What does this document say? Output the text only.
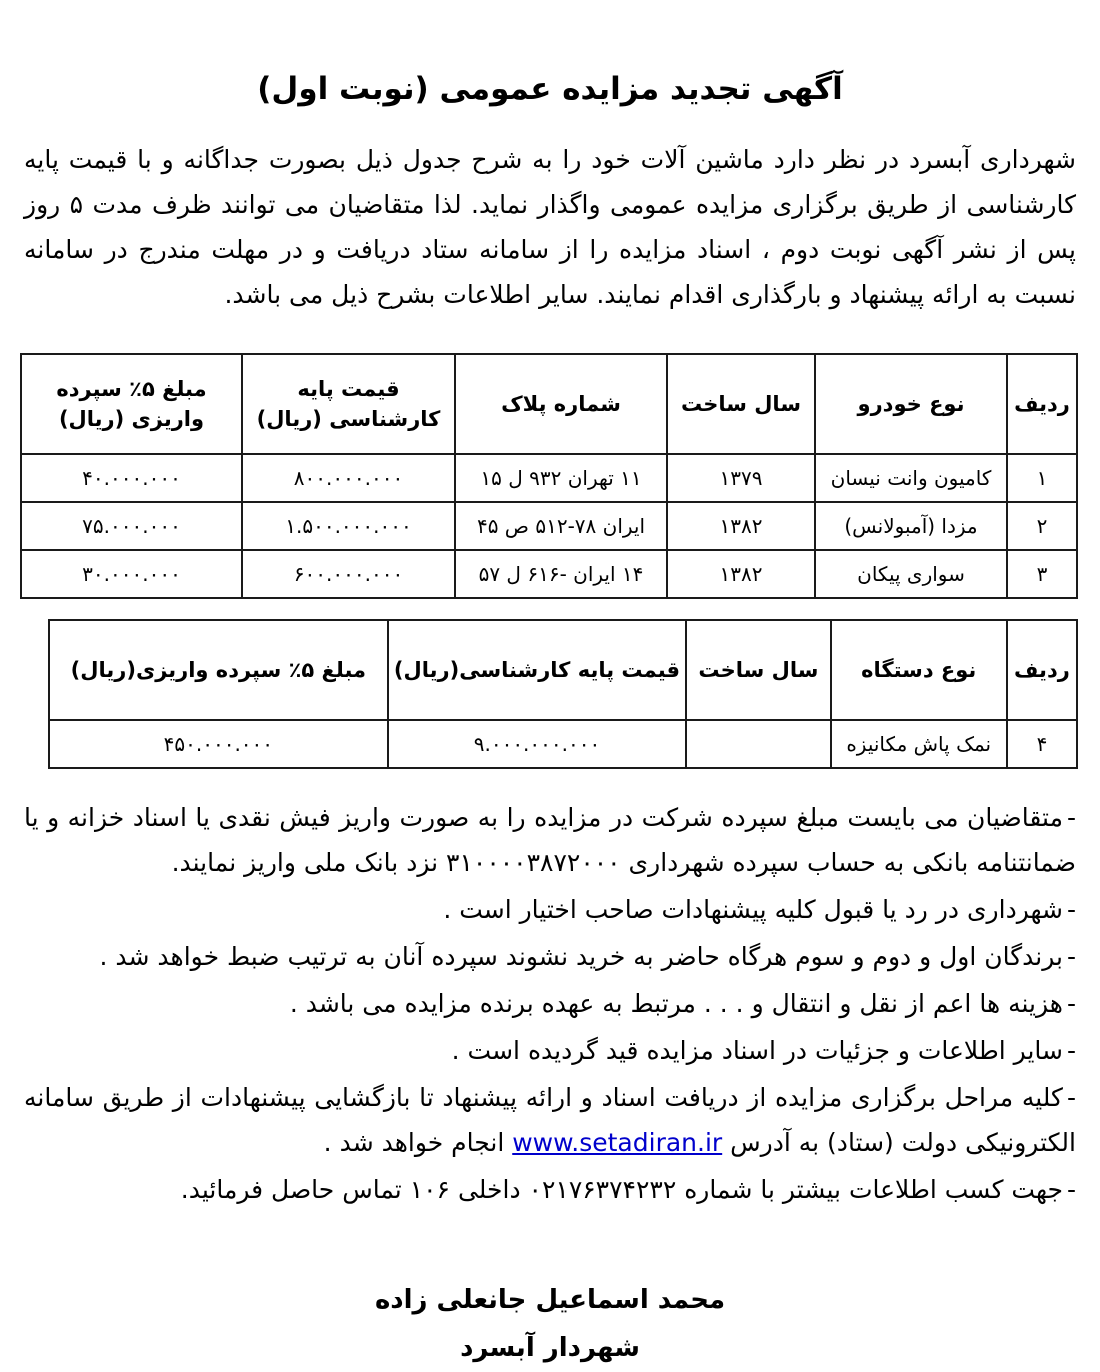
آگهی تجدید مزایده عمومی (نوبت اول)

شهرداری آبسرد در نظر دارد ماشین آلات خود را به شرح جدول ذیل بصورت جداگانه و با قیمت پایه کارشناسی از طریق برگزاری مزایده عمومی واگذار نماید. لذا متقاضیان می توانند ظرف مدت ۵ روز پس از نشر آگهی نوبت دوم ، اسناد مزایده را از سامانه ستاد دریافت و در مهلت مندرج در سامانه نسبت به ارائه پیشنهاد و بارگذاری اقدام نمایند. سایر اطلاعات بشرح ذیل می باشد.

ردیف	نوع خودرو	سال ساخت	شماره پلاک	قیمت پایه کارشناسی (ریال)	مبلغ ۵٪ سپرده واریزی (ریال)
۱	کامیون وانت نیسان	۱۳۷۹	۱۱ تهران ۹۳۲ ل ۱۵	۸۰۰.۰۰۰.۰۰۰	۴۰.۰۰۰.۰۰۰
۲	مزدا (آمبولانس)	۱۳۸۲	ایران ۷۸-۵۱۲ ص ۴۵	۱.۵۰۰.۰۰۰.۰۰۰	۷۵.۰۰۰.۰۰۰
۳	سواری پیکان	۱۳۸۲	۱۴ ایران -۶۱۶ ل ۵۷	۶۰۰.۰۰۰.۰۰۰	۳۰.۰۰۰.۰۰۰
ردیف	نوع دستگاه	سال ساخت	قیمت پایه کارشناسی(ریال)	مبلغ ۵٪ سپرده واریزی(ریال)
۴	نمک پاش مکانیزه		۹.۰۰۰.۰۰۰.۰۰۰	۴۵۰.۰۰۰.۰۰۰
-متقاضیان می بایست مبلغ سپرده شرکت در مزایده را به صورت واریز فیش نقدی یا اسناد خزانه و یا ضمانتنامه بانکی به حساب سپرده شهرداری ۳۱۰۰۰۰۳۸۷۲۰۰۰ نزد بانک ملی واریز نمایند.
-شهرداری در رد یا قبول کلیه پیشنهادات صاحب اختیار است .
-برندگان اول و دوم و سوم هرگاه حاضر به خرید نشوند سپرده آنان به ترتیب ضبط خواهد شد .
-هزینه ها اعم از نقل و انتقال و . . . مرتبط به عهده برنده مزایده می باشد .
-سایر اطلاعات و جزئیات در اسناد مزایده قید گردیده است .
-کلیه مراحل برگزاری مزایده از دریافت اسناد و ارائه پیشنهاد تا بازگشایی پیشنهادات از طریق سامانه الکترونیکی دولت (ستاد) به آدرس www.setadiran.ir انجام خواهد شد .
-جهت کسب اطلاعات بیشتر با شماره ۰۲۱۷۶۳۷۴۲۳۲ داخلی ۱۰۶ تماس حاصل فرمائید.
محمد اسماعیل جانعلی زاده
شهردار آبسرد
